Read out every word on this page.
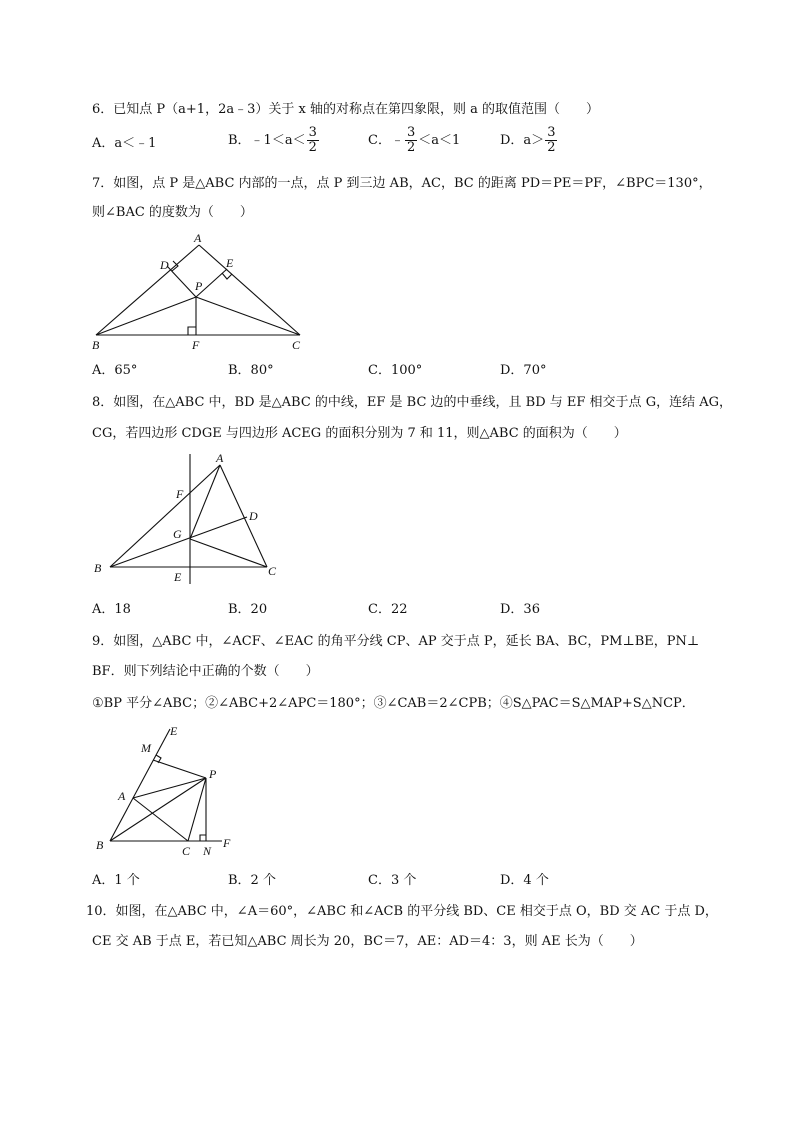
6．已知点 P（a+1，2a﹣3）关于 x 轴的对称点在第四象限，则 a 的取值范围（　　）
A．a＜﹣1	B．﹣1＜a＜ $\frac{3}{2}$	C．﹣ $\frac{3}{2} <a<1$	D．$a> \frac{3}{2}$
7．如图，点 P 是△ABC 内部的一点，点 P 到三边 AB，AC，BC 的距离 PD＝PE＝PF，∠BPC＝130°，
则∠BAC 的度数为（　　）
A
B	C
D	E
F
P
A．65°	B．80°	C．100°	D．70°
8．如图，在△ABC 中，BD 是△ABC 的中线，EF 是 BC 边的中垂线，且 BD 与 EF 相交于点 G，连结 AG，
CG，若四边形 CDGE 与四边形 ACEG 的面积分别为 7 和 11，则△ABC 的面积为（　　）
A
B	C
D
E
F
G
A．18	B．20	C．22	D．36
9．如图，△ABC 中，∠ACF、∠EAC 的角平分线 CP、AP 交于点 P，延长 BA、BC，PM⊥BE，PN⊥
BF．则下列结论中正确的个数（　　）
①BP 平分∠ABC；②∠ABC+2∠APC＝180°；③∠CAB＝2∠CPB；④S△PAC＝S△MAP+S△NCP．
B	C N
F
A
P
M
E
A．1 个	B．2 个	C．3 个	D．4 个
10．如图，在△ABC 中，∠A＝60°，∠ABC 和∠ACB 的平分线 BD、CE 相交于点 O，BD 交 AC 于点 D，
CE 交 AB 于点 E，若已知△ABC 周长为 20，BC＝7，AE：AD＝4：3，则 AE 长为（　　）
